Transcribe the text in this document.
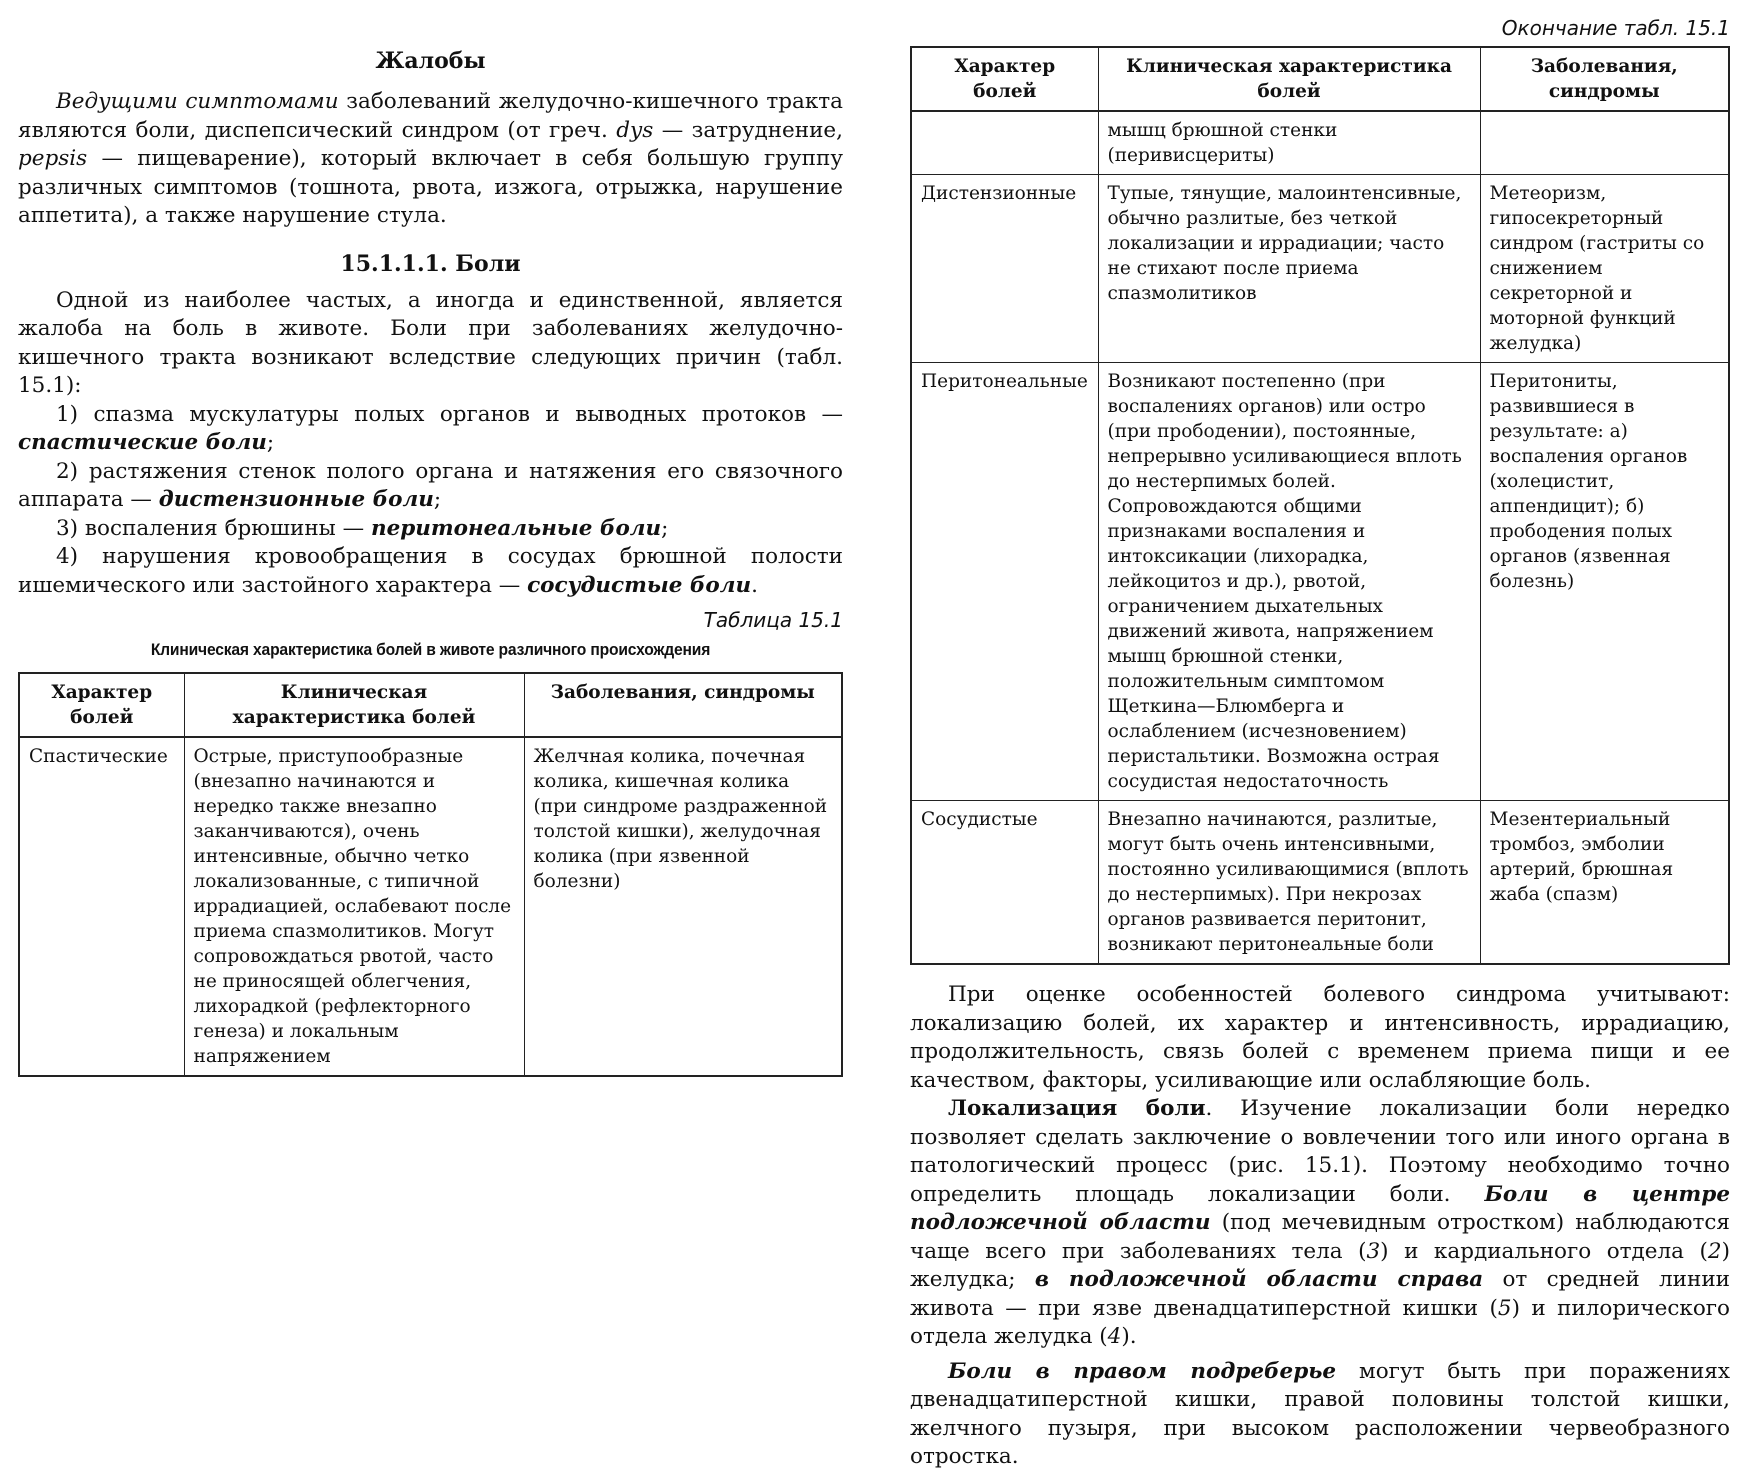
Жалобы

Ведущими симптомами заболеваний желудочно-кишечного тракта являются боли, диспепсический синдром (от греч. dys — затруднение, pepsis — пищеварение), который включает в себя большую группу различных симптомов (тошнота, рвота, изжога, отрыжка, нарушение аппетита), а также нарушение стула.

15.1.1.1. Боли

Одной из наиболее частых, а иногда и единственной, является жалоба на боль в животе. Боли при заболеваниях желудочно-кишечного тракта возникают вследствие следующих причин (табл. 15.1):

1) спазма мускулатуры полых органов и выводных протоков — спастические боли;

2) растяжения стенок полого органа и натяжения его связочного аппарата — дистензионные боли;

3) воспаления брюшины — перитонеальные боли;

4) нарушения кровообращения в сосудах брюшной полости ишемического или застойного характера — сосудистые боли.

Таблица 15.1
Клиническая характеристика болей в животе различного происхождения
Характер болей	Клиническая характеристика болей	Заболевания, синдромы
Спастические	Острые, приступообразные (внезапно начинаются и нередко также внезапно заканчиваются), очень интенсивные, обычно четко локализованные, с типичной иррадиацией, ослабевают после приема спазмолитиков. Могут сопровождаться рвотой, часто не приносящей облегчения, лихорадкой (рефлекторного генеза) и локальным напряжением	Желчная колика, почечная колика, кишечная колика (при синдроме раздраженной толстой кишки), желудочная колика (при язвенной болезни)
Окончание табл. 15.1
Характер болей	Клиническая характеристика болей	Заболевания, синдромы
	мышц брюшной стенки (перивисцериты)	
Дистензионные	Тупые, тянущие, малоинтенсивные, обычно разлитые, без четкой локализации и иррадиации; часто не стихают после приема спазмолитиков	Метеоризм, гипосекреторный синдром (гастриты со снижением секреторной и моторной функций желудка)
Перитонеальные	Возникают постепенно (при воспалениях органов) или остро (при прободении), постоянные, непрерывно усиливающиеся вплоть до нестерпимых болей. Сопровождаются общими признаками воспаления и интоксикации (лихорадка, лейкоцитоз и др.), рвотой, ограничением дыхательных движений живота, напряжением мышц брюшной стенки, положительным симптомом Щеткина—Блюмберга и ослаблением (исчезновением) перистальтики. Возможна острая сосудистая недостаточность	Перитониты, развившиеся в результате: а) воспаления органов (холецистит, аппендицит); б) прободения полых органов (язвенная болезнь)
Сосудистые	Внезапно начинаются, разлитые, могут быть очень интенсивными, постоянно усиливающимися (вплоть до нестерпимых). При некрозах органов развивается перитонит, возникают перитонеальные боли	Мезентериальный тромбоз, эмболии артерий, брюшная жаба (спазм)

При оценке особенностей болевого синдрома учитывают: локализацию болей, их характер и интенсивность, иррадиацию, продолжительность, связь болей с временем приема пищи и ее качеством, факторы, усиливающие или ослабляющие боль.

Локализация боли. Изучение локализации боли нередко позволяет сделать заключение о вовлечении того или иного органа в патологический процесс (рис. 15.1). Поэтому необходимо точно определить площадь локализации боли. Боли в центре подложечной области (под мечевидным отростком) наблюдаются чаще всего при заболеваниях тела (3) и кардиального отдела (2) желудка; в подложечной области справа от средней линии живота — при язве двенадцатиперстной кишки (5) и пилорического отдела желудка (4).

Боли в правом подреберье могут быть при поражениях двенадцатиперстной кишки, правой половины толстой кишки, желчного пузыря, при высоком расположении червеобразного отростка.
